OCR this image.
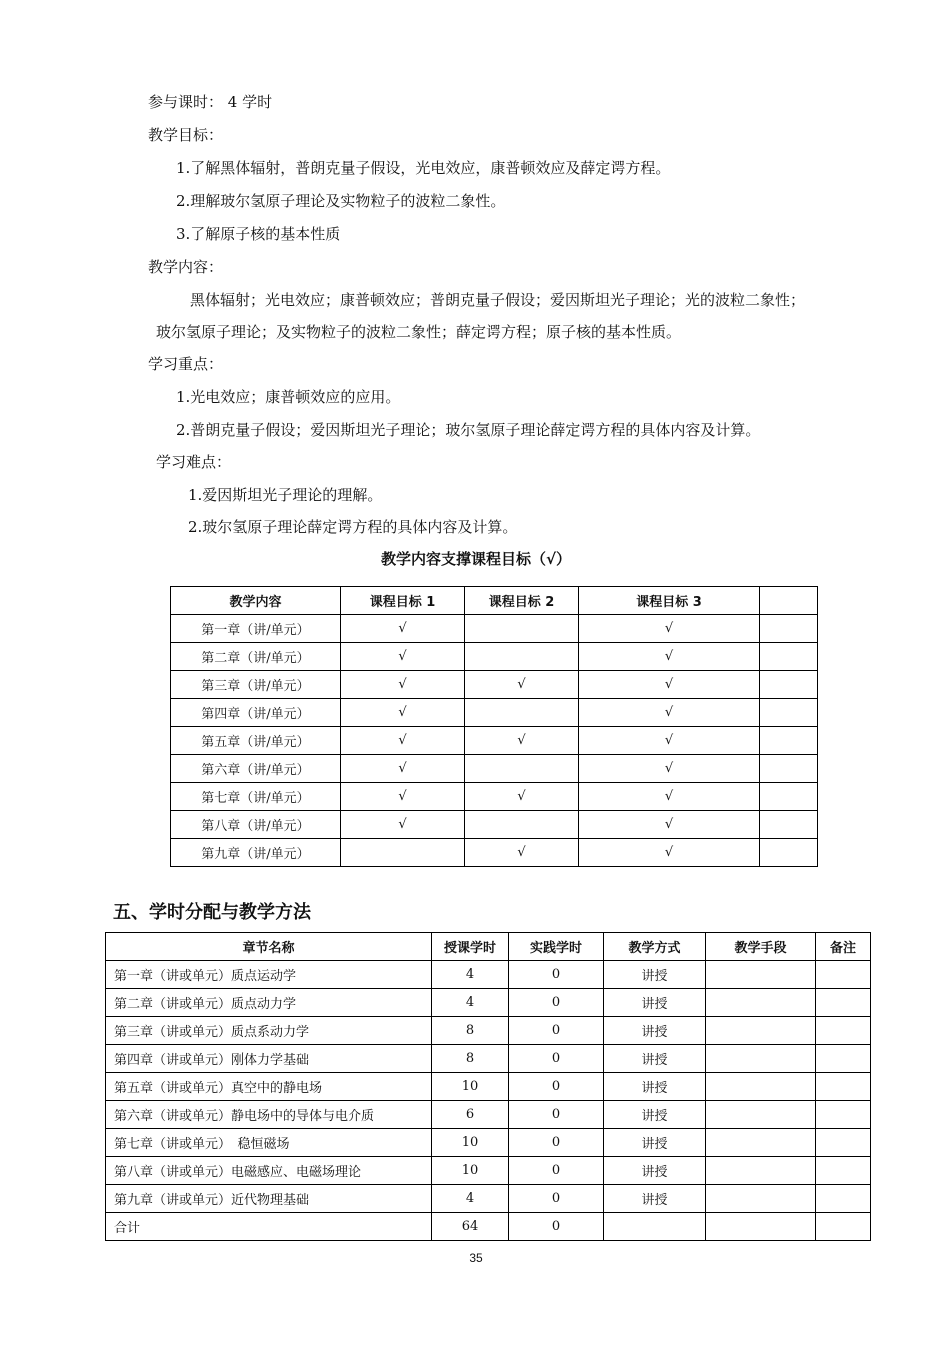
参与课时： 4 学时
教学目标：
1.了解黑体辐射，普朗克量子假设，光电效应，康普顿效应及薛定谔方程。
2.理解玻尔氢原子理论及实物粒子的波粒二象性。
3.了解原子核的基本性质
教学内容：
黑体辐射；光电效应；康普顿效应；普朗克量子假设；爱因斯坦光子理论；光的波粒二象性；
玻尔氢原子理论；及实物粒子的波粒二象性；薛定谔方程；原子核的基本性质。
学习重点：
1.光电效应；康普顿效应的应用。
2.普朗克量子假设；爱因斯坦光子理论；玻尔氢原子理论薛定谔方程的具体内容及计算。
学习难点：
1.爱因斯坦光子理论的理解。
2.玻尔氢原子理论薛定谔方程的具体内容及计算。
教学内容支撑课程目标（√）
教学内容	课程目标 1	课程目标 2	课程目标 3	
第一章（讲/单元）	√		√	
第二章（讲/单元）	√		√	
第三章（讲/单元）	√	√	√	
第四章（讲/单元）	√		√	
第五章（讲/单元）	√	√	√	
第六章（讲/单元）	√		√	
第七章（讲/单元）	√	√	√	
第八章（讲/单元）	√		√	
第九章（讲/单元）		√	√	
五、学时分配与教学方法
章节名称	授课学时	实践学时	教学方式	教学手段	备注
第一章（讲或单元）质点运动学	4	0	讲授		
第二章（讲或单元）质点动力学	4	0	讲授		
第三章（讲或单元）质点系动力学	8	0	讲授		
第四章（讲或单元）刚体力学基础	8	0	讲授		
第五章（讲或单元）真空中的静电场	10	0	讲授		
第六章（讲或单元）静电场中的导体与电介质	6	0	讲授		
第七章（讲或单元）　稳恒磁场	10	0	讲授		
第八章（讲或单元）电磁感应、电磁场理论	10	0	讲授		
第九章（讲或单元）近代物理基础	4	0	讲授		
合计	64	0			
35
